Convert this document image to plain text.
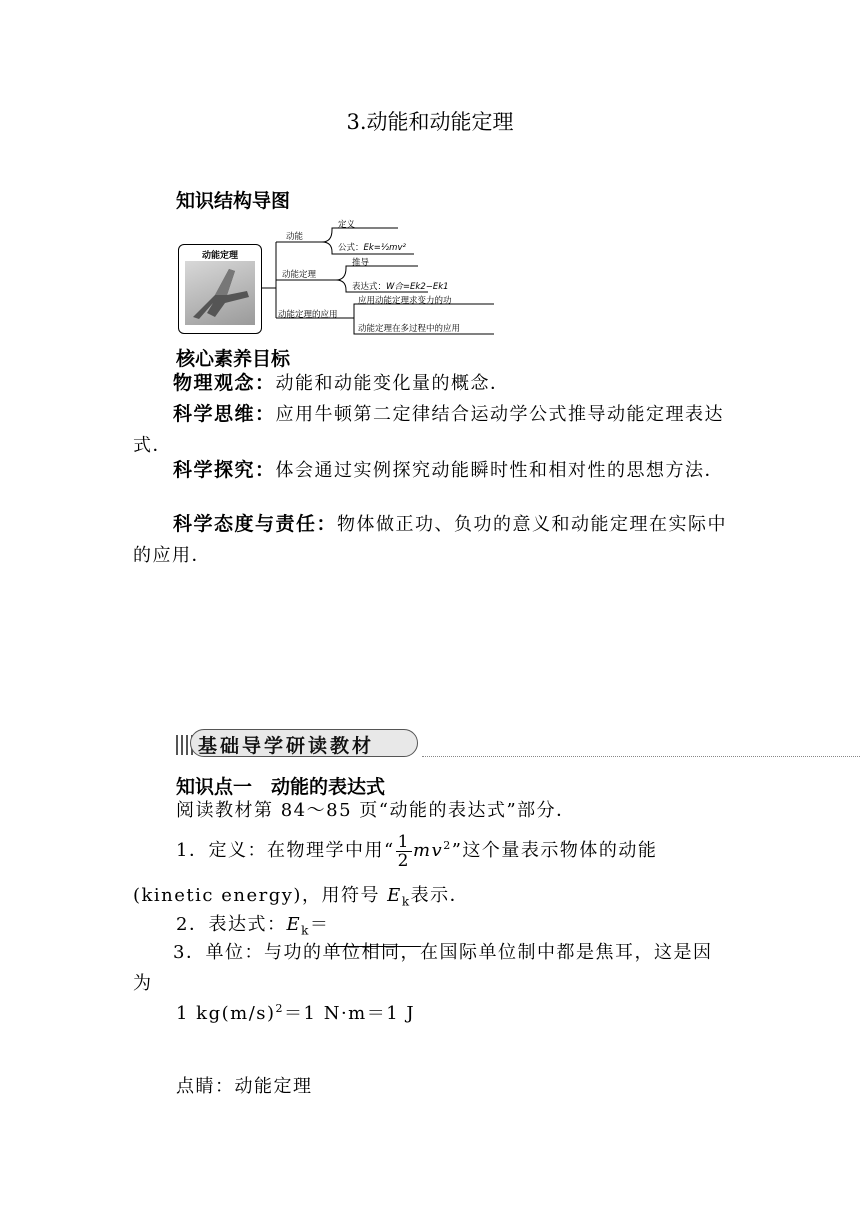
3.动能和动能定理
知识结构导图
动能定理
动能
定义
公式：Ek=½mv²
动能定理
推导
表达式：W合=Ek2−Ek1
动能定理的应用
应用动能定理求变力的功
动能定理在多过程中的应用
核心素养目标
物理观念：动能和动能变化量的概念．
科学思维：应用牛顿第二定律结合运动学公式推导动能定理表达式．
科学探究：体会通过实例探究动能瞬时性和相对性的思想方法．
科学态度与责任：物体做正功、负功的意义和动能定理在实际中的应用．
基础导学研读教材
知识点一　动能的表达式
阅读教材第 84～85 页“动能的表达式”部分．
1．定义：在物理学中用“ $\frac{1}{2} mv^2$”这个量表示物体的动能
(kinetic energy)，用符号 $E_k$表示．
2．表达式：$E_k=$
3．单位：与功的单位相同，在国际单位制中都是焦耳，这是因为
1 $kg(m/s)^2=1$ N·m＝1 J
点睛：动能定理
